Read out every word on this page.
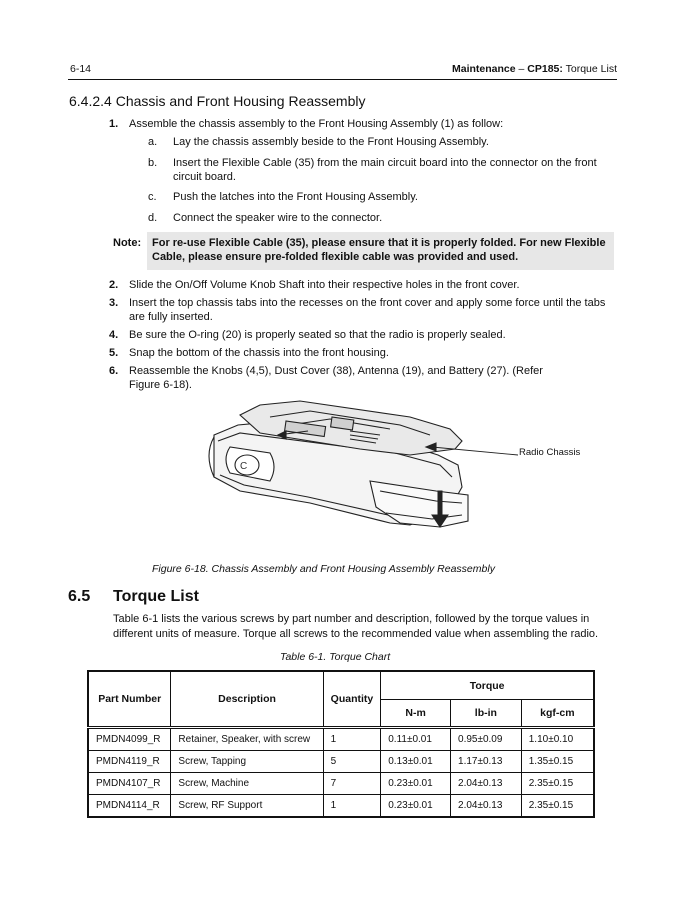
6-14	Maintenance – CP185: Torque List
6.4.2.4 Chassis and Front Housing Reassembly
1. Assemble the chassis assembly to the Front Housing Assembly (1) as follow:
a. Lay the chassis assembly beside to the Front Housing Assembly.
b. Insert the Flexible Cable (35) from the main circuit board into the connector on the front circuit board.
c. Push the latches into the Front Housing Assembly.
d. Connect the speaker wire to the connector.
Note: For re-use Flexible Cable (35), please ensure that it is properly folded. For new Flexible Cable, please ensure pre-folded flexible cable was provided and used.
2. Slide the On/Off Volume Knob Shaft into their respective holes in the front cover.
3. Insert the top chassis tabs into the recesses on the front cover and apply some force until the tabs are fully inserted.
4. Be sure the O-ring (20) is properly seated so that the radio is properly sealed.
5. Snap the bottom of the chassis into the front housing.
6. Reassemble the Knobs (4,5), Dust Cover (38), Antenna (19), and Battery (27). (Refer Figure 6-18).
C
Radio Chassis
Figure 6-18. Chassis Assembly and Front Housing Assembly Reassembly
6.5 Torque List
Table 6-1 lists the various screws by part number and description, followed by the torque values in different units of measure. Torque all screws to the recommended value when assembling the radio.
Table 6-1. Torque Chart
Part Number	Description	Quantity	Torque		
			N-m	lb-in	kgf-cm
PMDN4099_R	Retainer, Speaker, with screw	1	0.11±0.01	0.95±0.09	1.10±0.10
PMDN4119_R	Screw, Tapping	5	0.13±0.01	1.17±0.13	1.35±0.15
PMDN4107_R	Screw, Machine	7	0.23±0.01	2.04±0.13	2.35±0.15
PMDN4114_R	Screw, RF Support	1	0.23±0.01	2.04±0.13	2.35±0.15
